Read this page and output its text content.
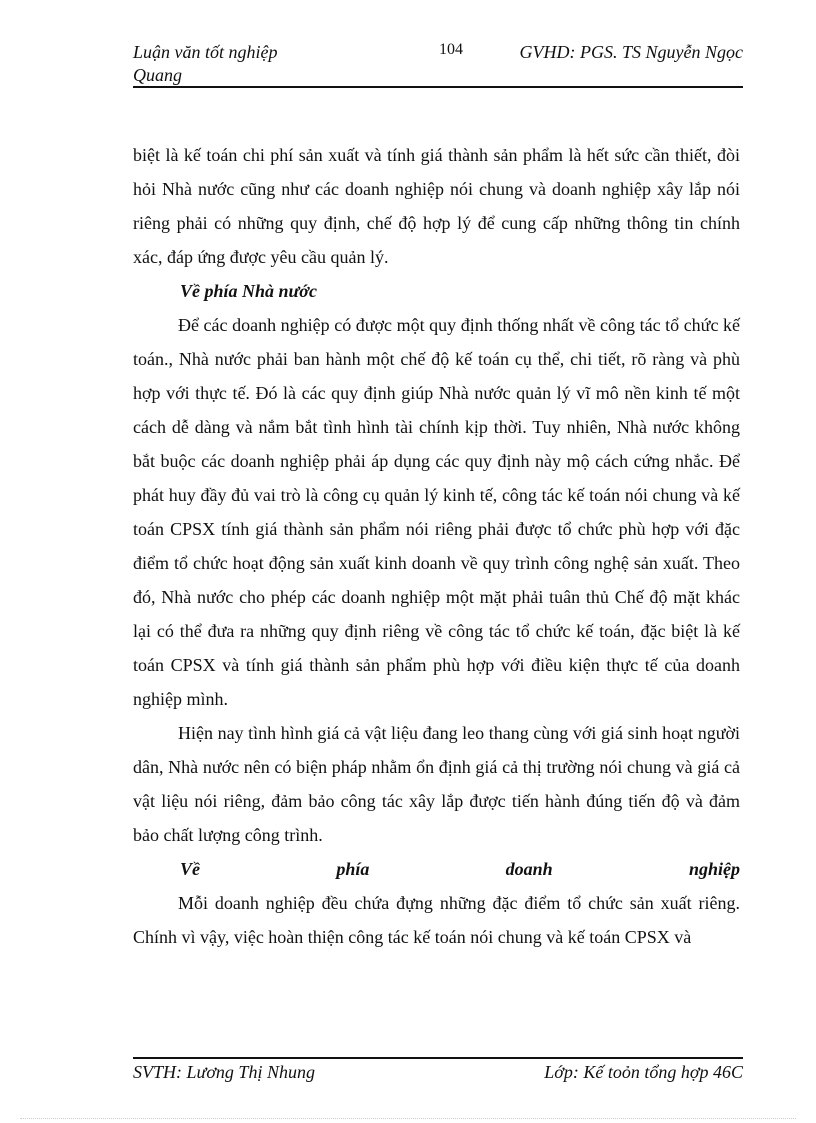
Luận văn tốt nghiệp	104	GVHD: PGS. TS Nguyễn Ngọc
Quang

biệt là kế toán chi phí sản xuất và tính giá thành sản phẩm là hết sức cần thiết, đòi hỏi Nhà nước cũng như các doanh nghiệp nói chung và doanh nghiệp xây lắp nói riêng phải có những quy định, chế độ hợp lý để cung cấp những thông tin chính xác, đáp ứng được yêu cầu quản lý.

Về phía Nhà nước

Để các doanh nghiệp có được một quy định thống nhất về công tác tổ chức kế toán., Nhà nước phải ban hành một chế độ kế toán cụ thể, chi tiết, rõ ràng và phù hợp với thực tế. Đó là các quy định giúp Nhà nước quản lý vĩ mô nền kinh tế một cách dễ dàng và nắm bắt tình hình tài chính kịp thời. Tuy nhiên, Nhà nước không bắt buộc các doanh nghiệp phải áp dụng các quy định này mộ cách cứng nhắc. Để phát huy đầy đủ vai trò là công cụ quản lý kinh tế, công tác kế toán nói chung và kế toán CPSX tính giá thành sản phẩm nói riêng phải được tổ chức phù hợp với đặc điểm tổ chức hoạt động sản xuất kinh doanh về quy trình công nghệ sản xuất. Theo đó, Nhà nước cho phép các doanh nghiệp một mặt phải tuân thủ Chế độ mặt khác lại có thể đưa ra những quy định riêng về công tác tổ chức kế toán, đặc biệt là kế toán CPSX và tính giá thành sản phẩm phù hợp với điều kiện thực tế của doanh nghiệp mình.

Hiện nay tình hình giá cả vật liệu đang leo thang cùng với giá sinh hoạt người dân, Nhà nước nên có biện pháp nhằm ổn định giá cả thị trường nói chung và giá cả vật liệu nói riêng, đảm bảo công tác xây lắp được tiến hành đúng tiến độ và đảm bảo chất lượng công trình.

Về	phía	doanh	nghiệp

Mỗi doanh nghiệp đều chứa đựng những đặc điểm tổ chức sản xuất riêng. Chính vì vậy, việc hoàn thiện công tác kế toán nói chung và kế toán CPSX và

SVTH: Lương Thị Nhung	Lớp: Kế toỏn tổng hợp 46C
